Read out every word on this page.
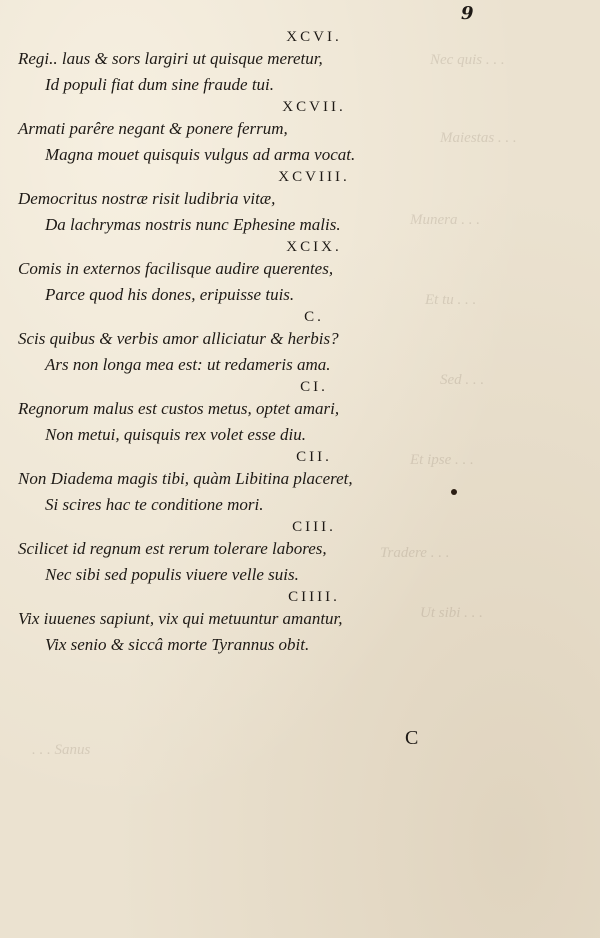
Nec quis . . .
Maiestas . . .
Munera . . .
Et tu . . .
Sed . . .
Et ipse . . .
Tradere . . .
Ut sibi . . .
. . . Sanus
9
XCVI.
Regi.. laus & sors largiri ut quisque meretur,
Id populi fiat dum sine fraude tui.
XCVII.
Armati parêre negant & ponere ferrum,
Magna mouet quisquis vulgus ad arma vocat.
XCVIII.
Democritus nostræ risit ludibria vitæ,
Da lachrymas nostris nunc Ephesine malis.
XCIX.
Comis in externos facilisque audire querentes,
Parce quod his dones, eripuisse tuis.
C.
Scis quibus & verbis amor alliciatur & herbis?
Ars non longa mea est: ut redameris ama.
CI.
Regnorum malus est custos metus, optet amari,
Non metui, quisquis rex volet esse diu.
CII.
Non Diadema magis tibi, quàm Libitina placeret,
Si scires hac te conditione mori.
CIII.
Scilicet id regnum est rerum tolerare labores,
Nec sibi sed populis viuere velle suis.
CIIII.
Vix iuuenes sapiunt, vix qui metuuntur amantur,
Vix senio & siccâ morte Tyrannus obit.
C
